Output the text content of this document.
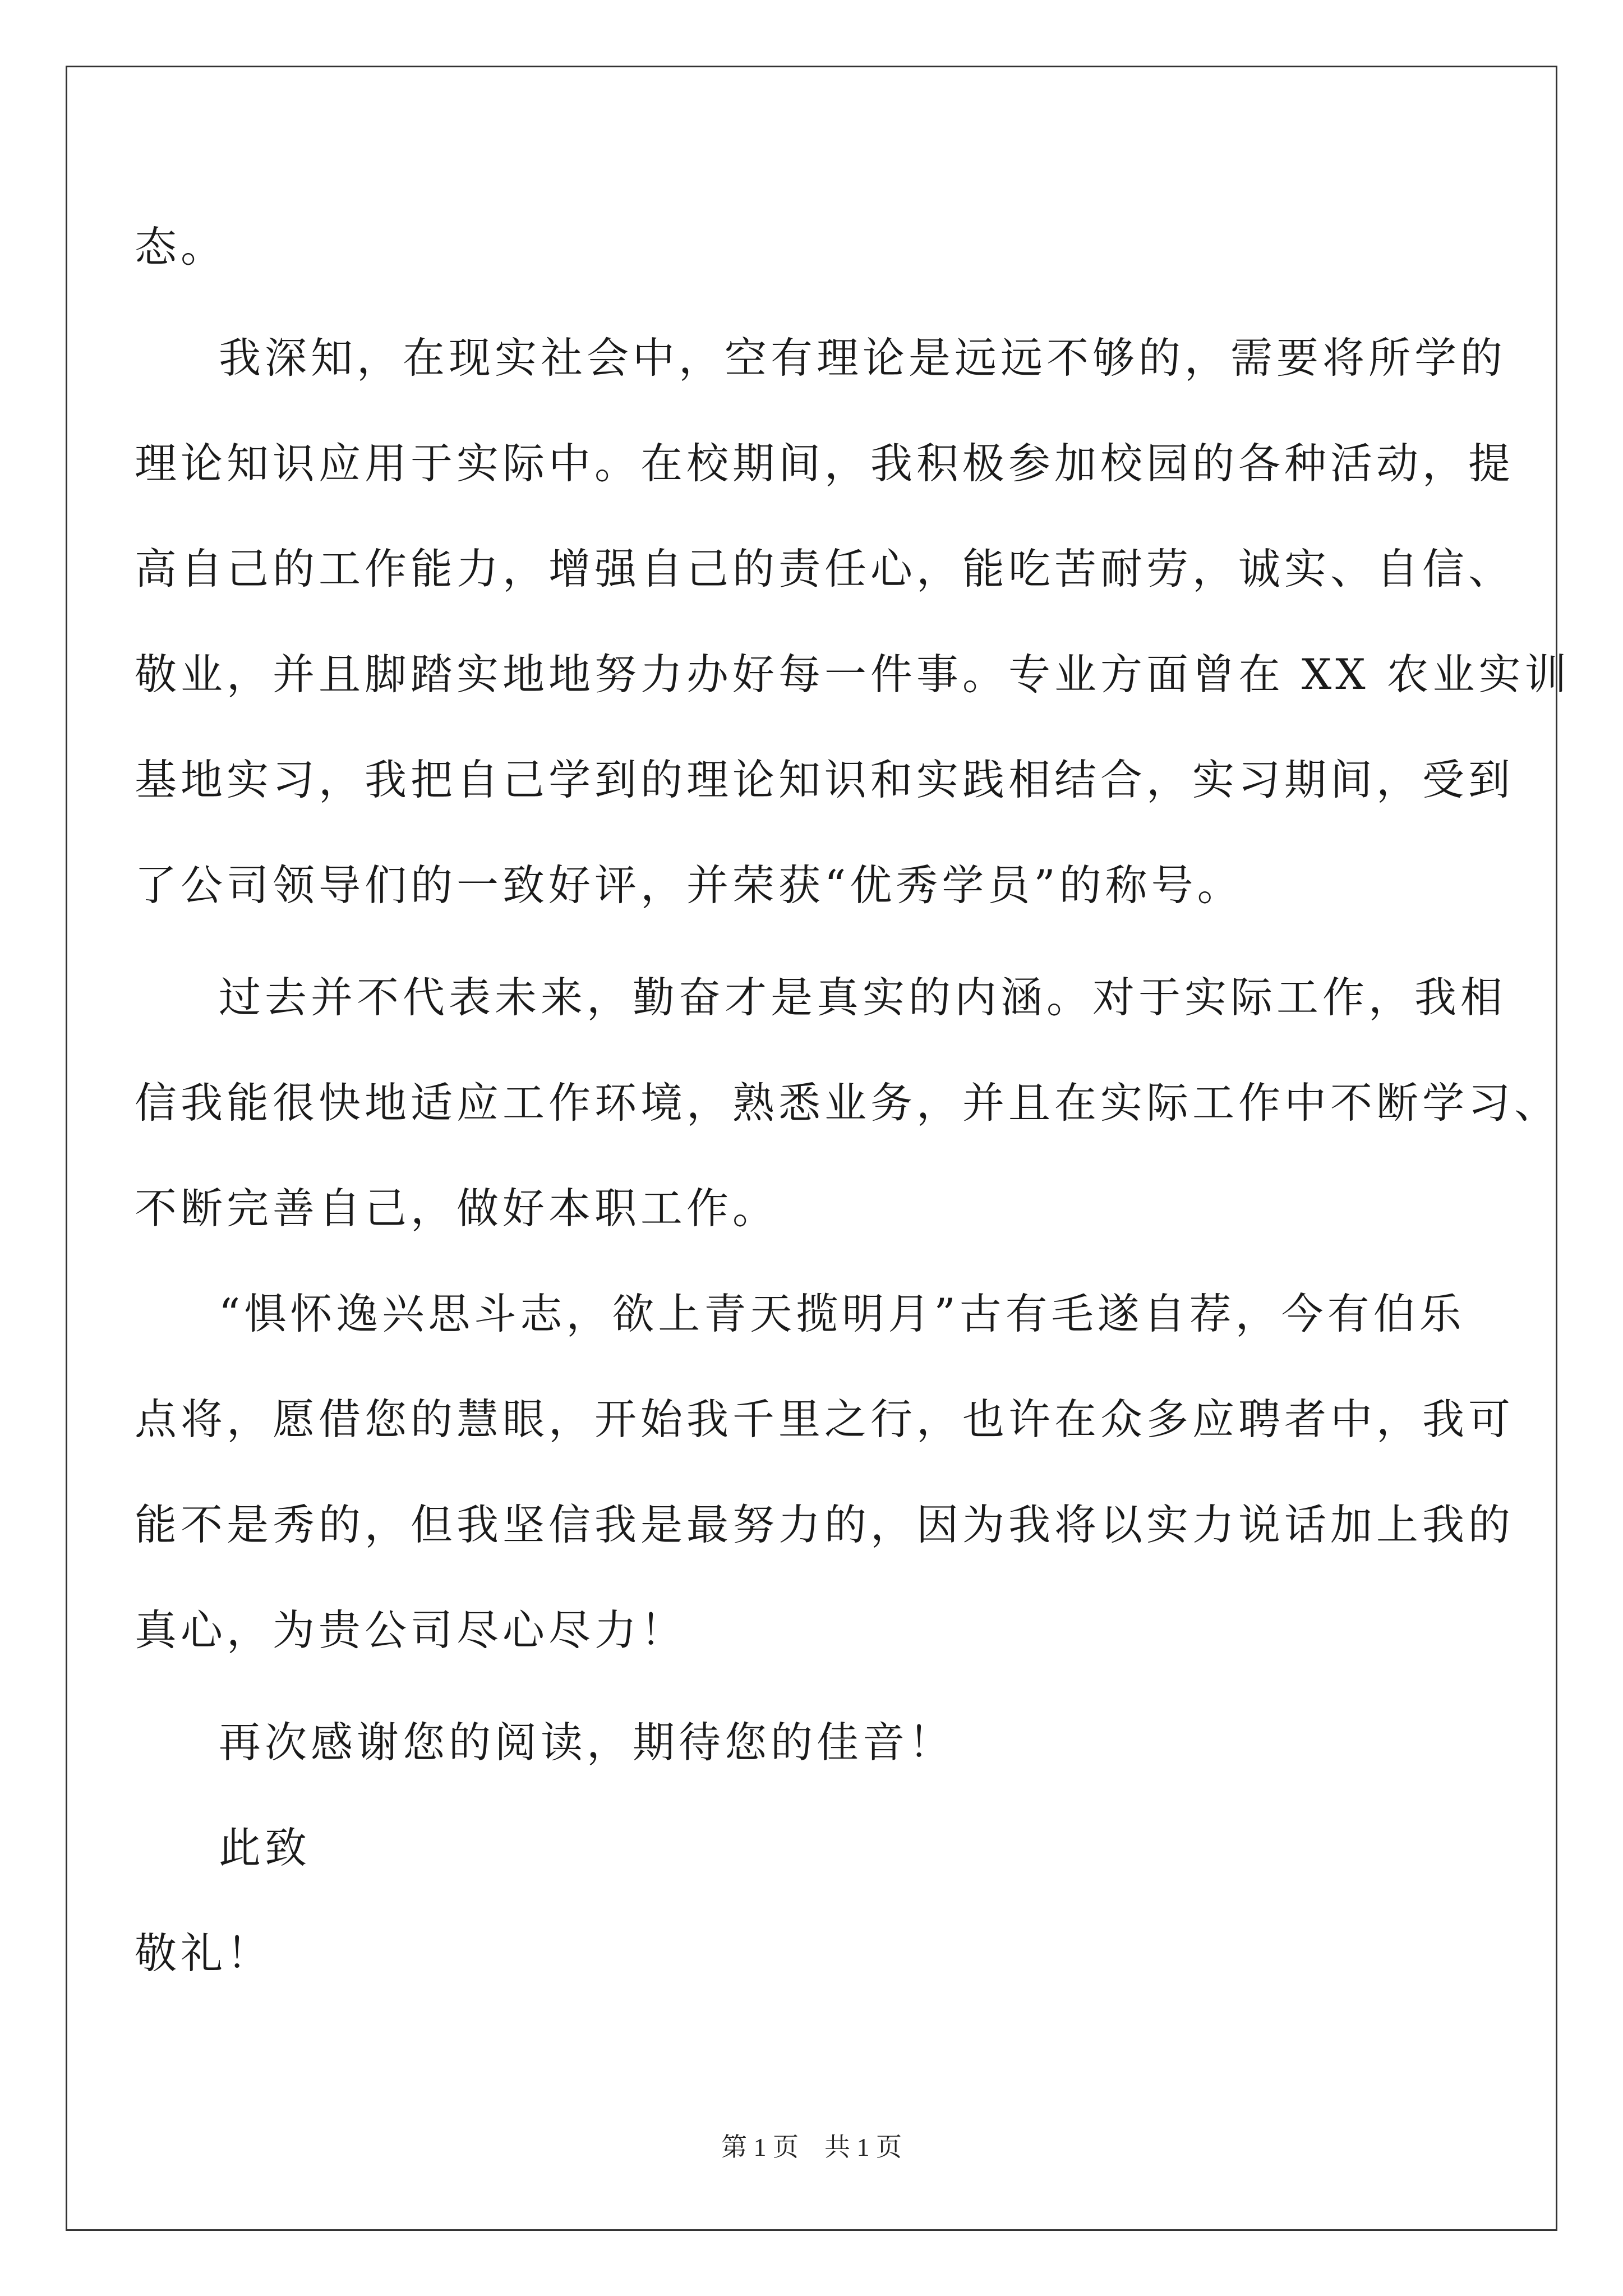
态。
我深知，在现实社会中，空有理论是远远不够的，需要将所学的
理论知识应用于实际中。在校期间，我积极参加校园的各种活动，提
高自己的工作能力，增强自己的责任心，能吃苦耐劳，诚实、自信、
敬业，并且脚踏实地地努力办好每一件事。专业方面曾在 XX 农业实训
基地实习，我把自己学到的理论知识和实践相结合，实习期间，受到
了公司领导们的一致好评，并荣获“优秀学员”的称号。
过去并不代表未来，勤奋才是真实的内涵。对于实际工作，我相
信我能很快地适应工作环境，熟悉业务，并且在实际工作中不断学习、
不断完善自己，做好本职工作。
“惧怀逸兴思斗志，欲上青天揽明月”古有毛遂自荐，今有伯乐
点将，愿借您的慧眼，开始我千里之行，也许在众多应聘者中，我可
能不是秀的，但我坚信我是最努力的，因为我将以实力说话加上我的
真心，为贵公司尽心尽力！
再次感谢您的阅读，期待您的佳音！
此致
敬礼！
第 1 页　共 1 页
